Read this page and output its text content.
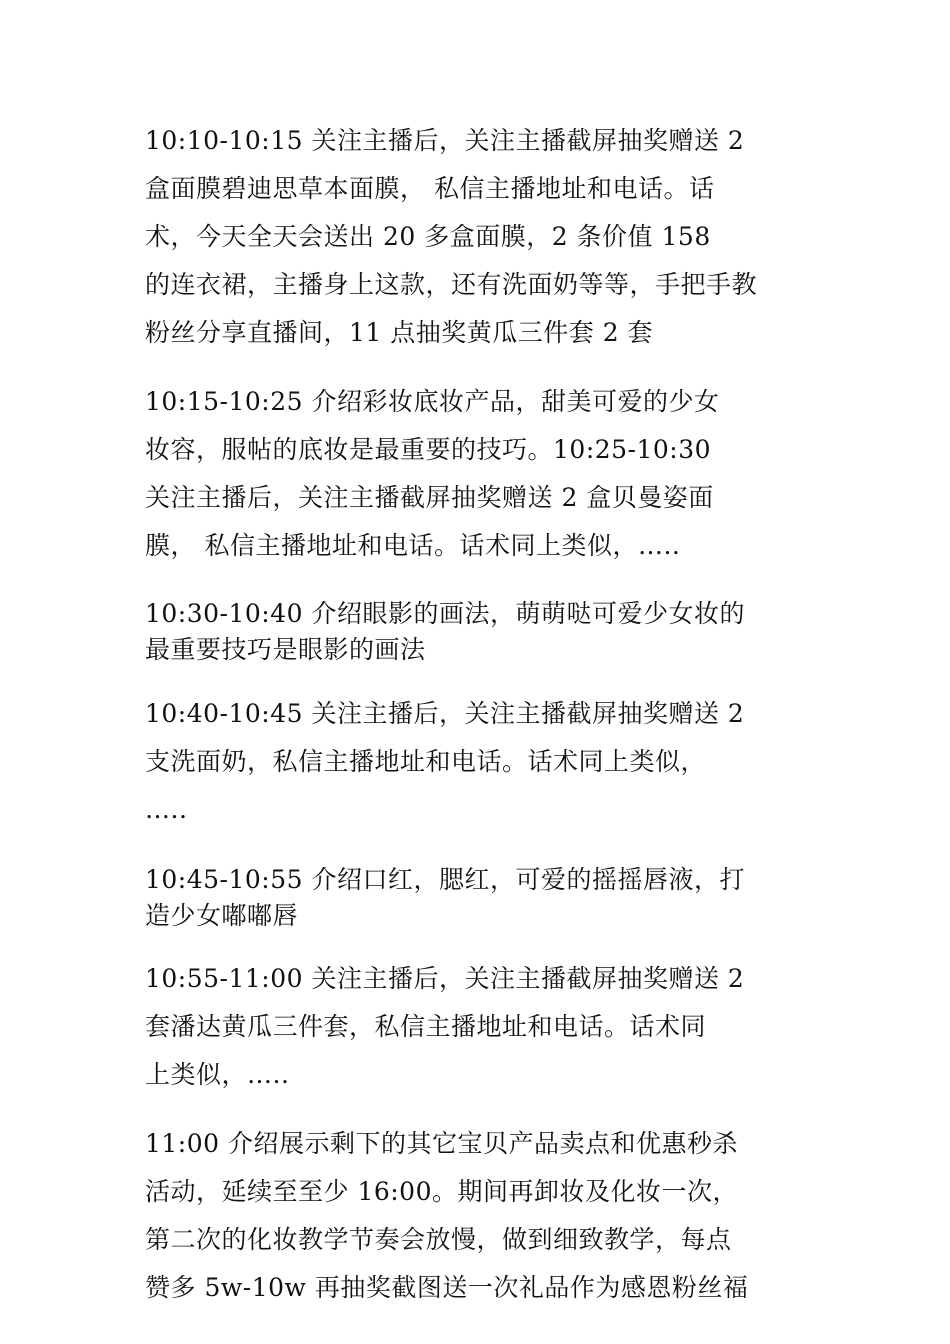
10:10-10:15 关注主播后，关注主播截屏抽奖赠送 2
盒面膜碧迪思草本面膜， 私信主播地址和电话。话
术，今天全天会送出 20 多盒面膜，2 条价值 158
的连衣裙，主播身上这款，还有洗面奶等等，手把手教
粉丝分享直播间，11 点抽奖黄瓜三件套 2 套
10:15-10:25 介绍彩妆底妆产品，甜美可爱的少女
妆容，服帖的底妆是最重要的技巧。10:25-10:30
关注主播后，关注主播截屏抽奖赠送 2 盒贝曼姿面
膜， 私信主播地址和电话。话术同上类似，…..
10:30-10:40 介绍眼影的画法，萌萌哒可爱少女妆的
最重要技巧是眼影的画法
10:40-10:45 关注主播后，关注主播截屏抽奖赠送 2
支洗面奶，私信主播地址和电话。话术同上类似，
…..
10:45-10:55 介绍口红，腮红，可爱的摇摇唇液，打
造少女嘟嘟唇
10:55-11:00 关注主播后，关注主播截屏抽奖赠送 2
套潘达黄瓜三件套，私信主播地址和电话。话术同
上类似，…..
11:00 介绍展示剩下的其它宝贝产品卖点和优惠秒杀
活动，延续至至少 16:00。期间再卸妆及化妆一次，
第二次的化妆教学节奏会放慢，做到细致教学，每点
赞多 5w-10w 再抽奖截图送一次礼品作为感恩粉丝福
